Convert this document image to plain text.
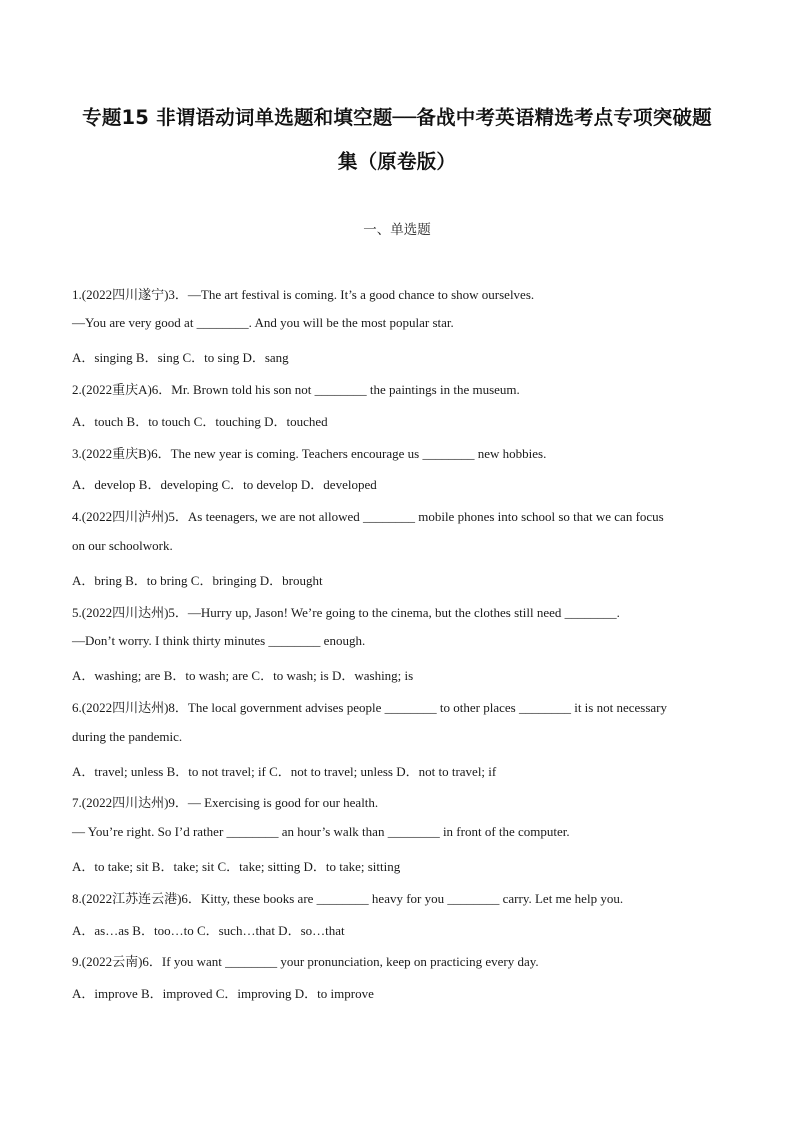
专题15 非谓语动词单选题和填空题──备战中考英语精选考点专项突破题
集（原卷版）
一、单选题
1.(2022四川遂宁)3．—The art festival is coming. It’s a good chance to show ourselves.
—You are very good at ________. And you will be the most popular star.
A．singing B．sing C．to sing D．sang
2.(2022重庆A)6．Mr. Brown told his son not ________ the paintings in the museum.
A．touch B．to touch C．touching D．touched
3.(2022重庆B)6．The new year is coming. Teachers encourage us ________ new hobbies.
A．develop B．developing C．to develop D．developed
4.(2022四川泸州)5．As teenagers, we are not allowed ________ mobile phones into school so that we can focus
on our schoolwork.
A．bring B．to bring C．bringing D．brought
5.(2022四川达州)5．—Hurry up, Jason! We’re going to the cinema, but the clothes still need ________.
—Don’t worry. I think thirty minutes ________ enough.
A．washing; are B．to wash; are C．to wash; is D．washing; is
6.(2022四川达州)8．The local government advises people ________ to other places ________ it is not necessary
during the pandemic.
A．travel; unless B．to not travel; if C．not to travel; unless D．not to travel; if
7.(2022四川达州)9．— Exercising is good for our health.
— You’re right. So I’d rather ________ an hour’s walk than ________ in front of the computer.
A．to take; sit B．take; sit C．take; sitting D．to take; sitting
8.(2022江苏连云港)6．Kitty, these books are ________ heavy for you ________ carry. Let me help you.
A．as…as B．too…to C．such…that D．so…that
9.(2022云南)6．If you want ________ your pronunciation, keep on practicing every day.
A．improve B．improved C．improving D．to improve
